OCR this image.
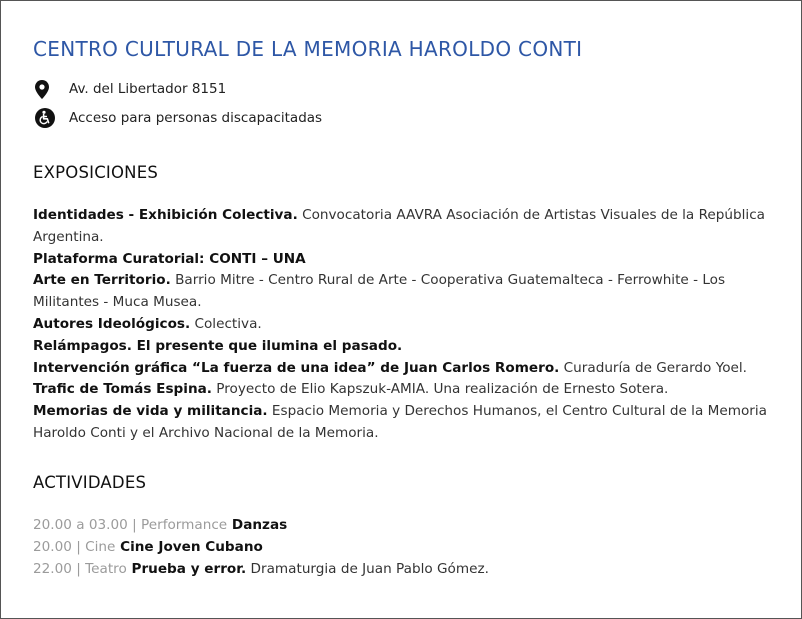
CENTRO CULTURAL DE LA MEMORIA HAROLDO CONTI
Av. del Libertador 8151
Acceso para personas discapacitadas
EXPOSICIONES
Identidades - Exhibición Colectiva. Convocatoria AAVRA Asociación de Artistas Visuales de la República Argentina.
Plataforma Curatorial: CONTI – UNA
Arte en Territorio. Barrio Mitre - Centro Rural de Arte - Cooperativa Guatemalteca - Ferrowhite - Los Militantes - Muca Musea.
Autores Ideológicos. Colectiva.
Relámpagos. El presente que ilumina el pasado.
Intervención gráfica “La fuerza de una idea” de Juan Carlos Romero. Curaduría de Gerardo Yoel.
Trafic de Tomás Espina. Proyecto de Elio Kapszuk-AMIA. Una realización de Ernesto Sotera.
Memorias de vida y militancia. Espacio Memoria y Derechos Humanos, el Centro Cultural de la Memoria Haroldo Conti y el Archivo Nacional de la Memoria.
ACTIVIDADES
20.00 a 03.00 | Performance Danzas
20.00 | Cine Cine Joven Cubano
22.00 | Teatro Prueba y error. Dramaturgia de Juan Pablo Gómez.
